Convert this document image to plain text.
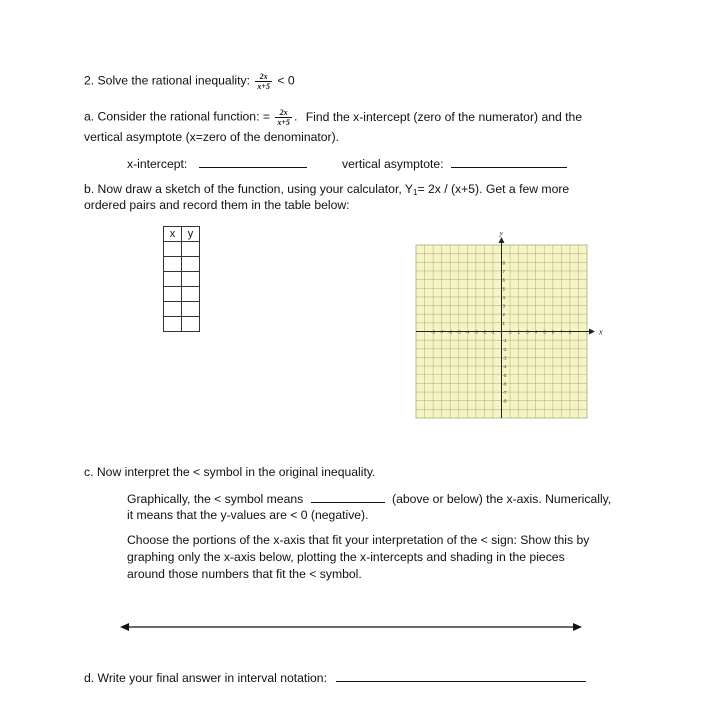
2. Solve the rational inequality: $\frac{2x}{x+5} < 0$
a. Consider the rational function: = $\frac{2x}{x+5}$ . Find the x-intercept (zero of the numerator) and the
vertical asymptote (x=zero of the denominator).
x-intercept:	vertical asymptote:
b. Now draw a sketch of the function, using your calculator, $Y_1= 2x / (x+5)$. Get a few more
ordered pairs and record them in the table below:
x	y

x
y
-8 -7 -6 -5 -4 -3 -2 -1	1 2 3 4 5 6 7 8
8
7
6
5
4
3
2
1
-1
-2
-3
-4
-5
-6
-7
-8
c. Now interpret the < symbol in the original inequality.
Graphically, the < symbol means	(above or below) the x-axis. Numerically,
it means that the y-values are < 0 (negative).
Choose the portions of the x-axis that fit your interpretation of the < sign: Show this by
graphing only the x-axis below, plotting the x-intercepts and shading in the pieces
around those numbers that fit the < symbol.
d. Write your final answer in interval notation:
